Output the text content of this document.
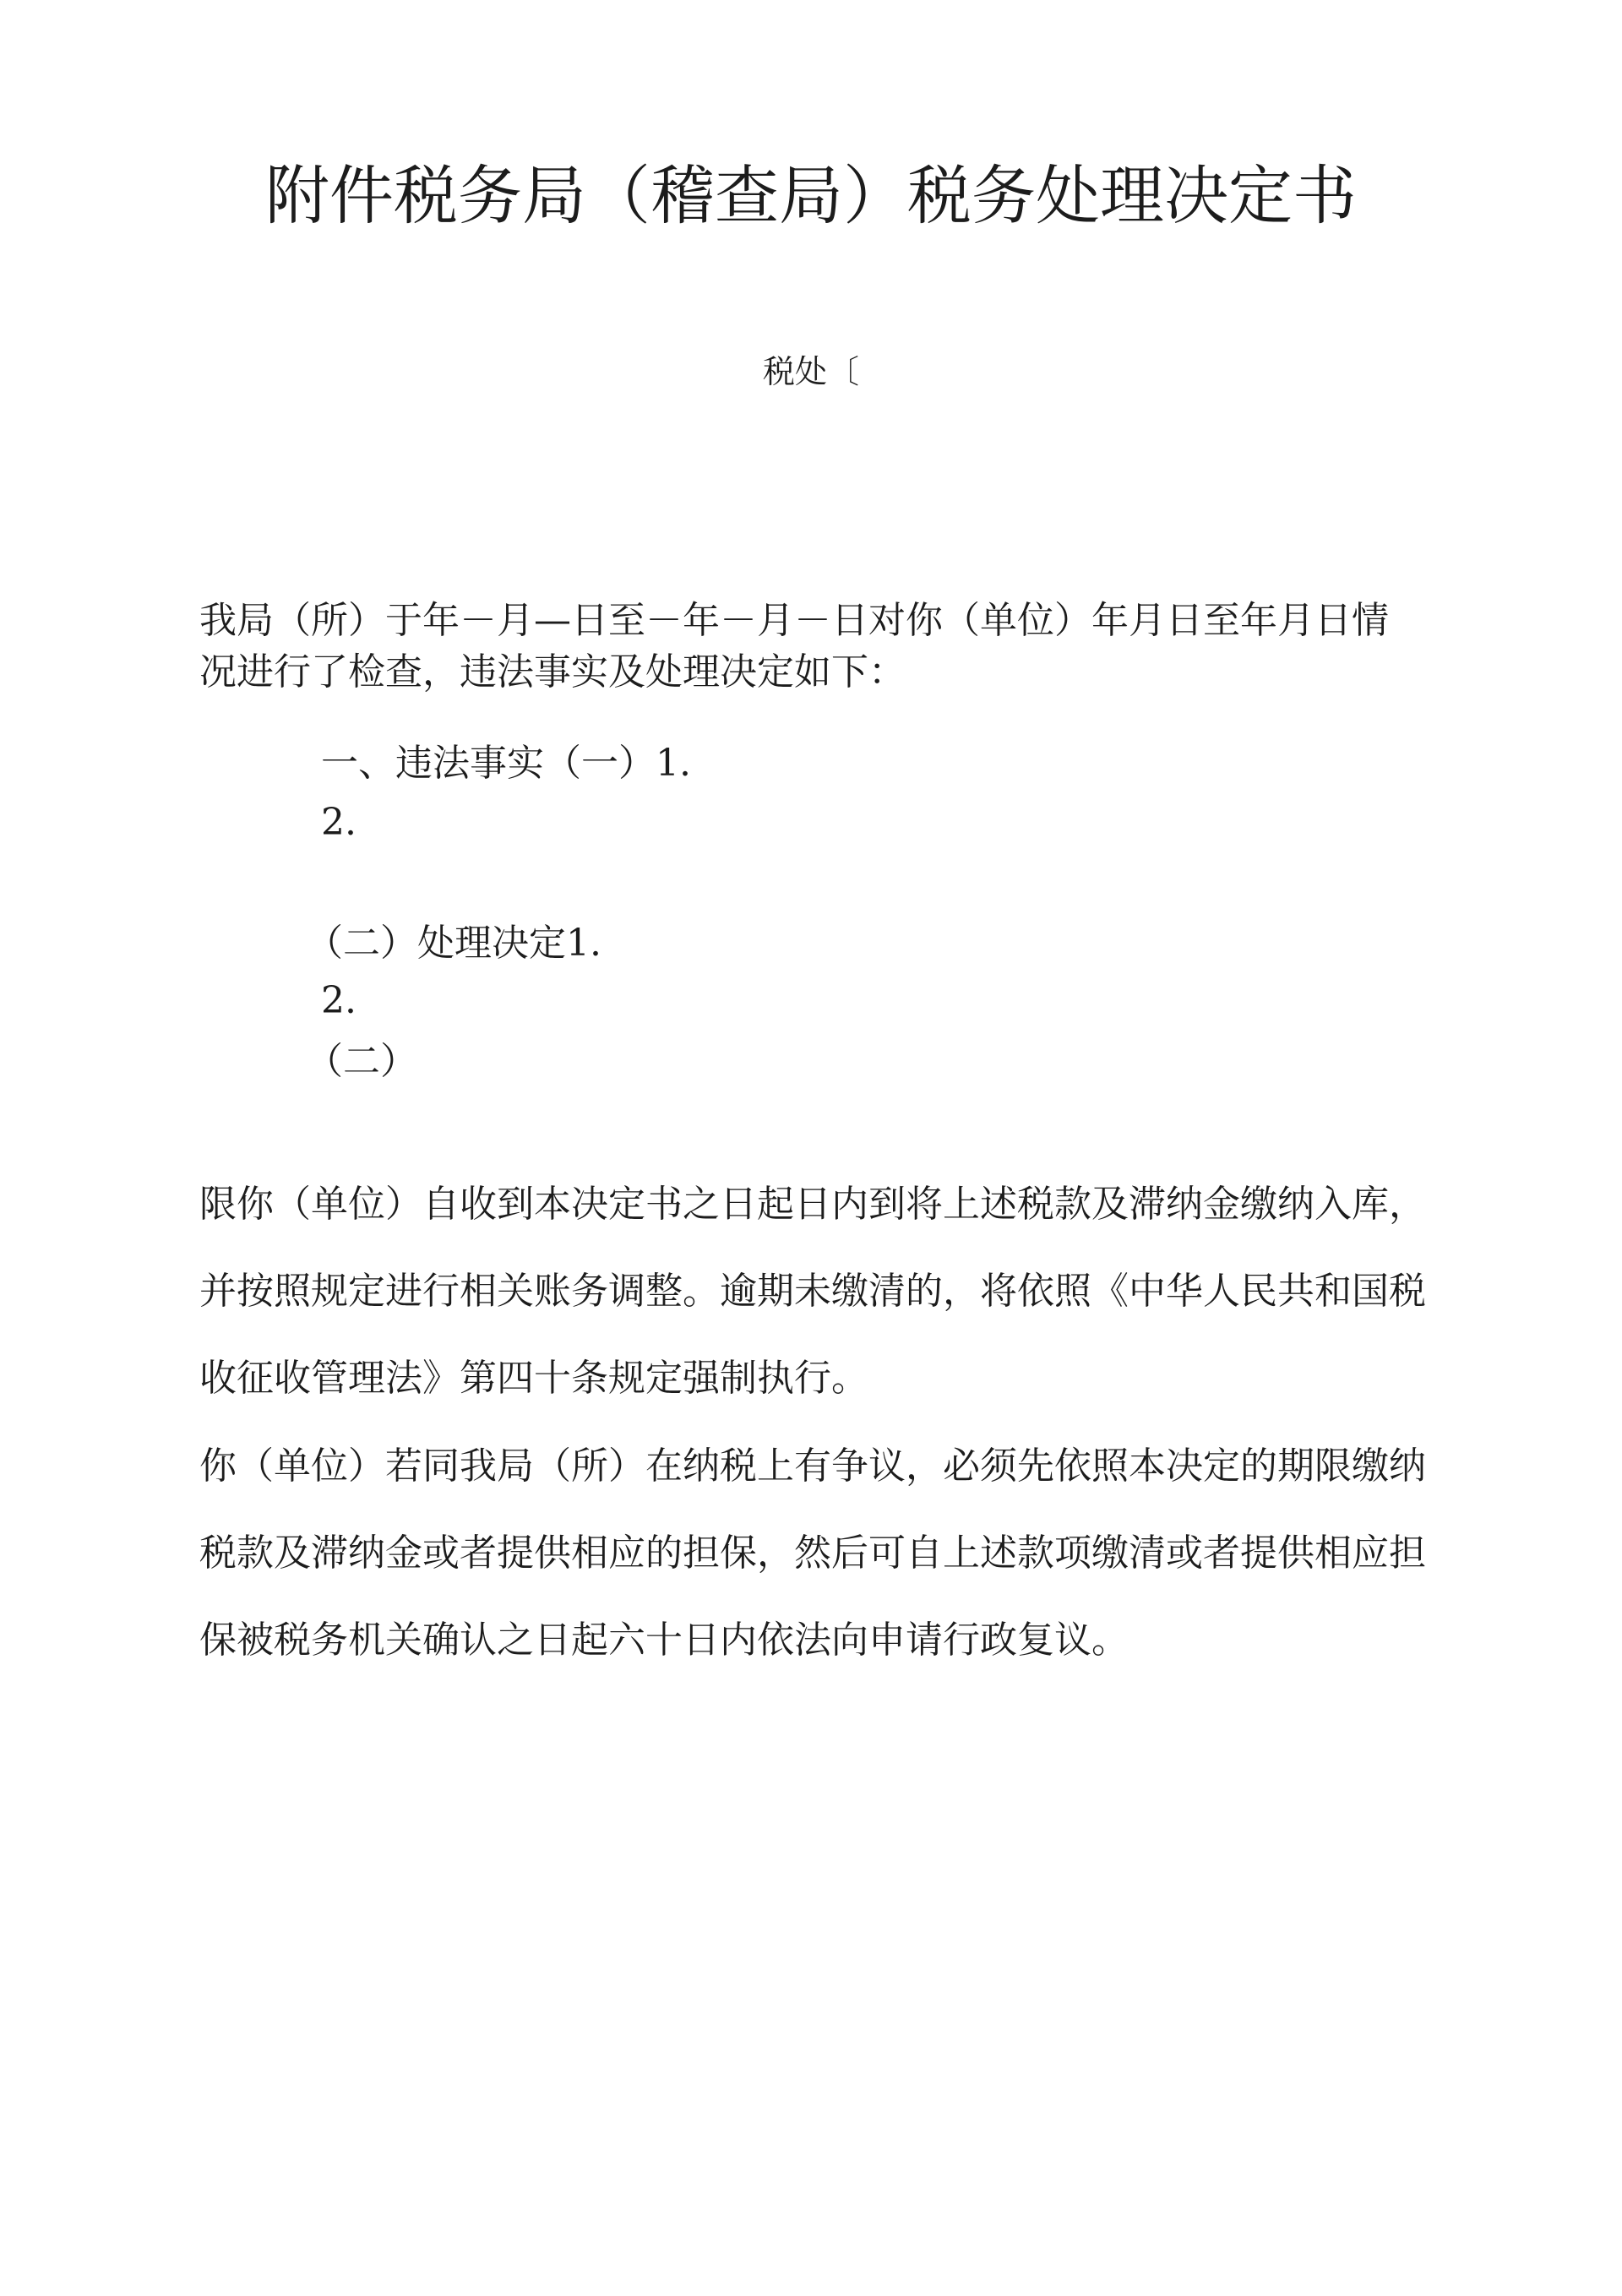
附件税务局（稽查局）税务处理决定书
税处〔
我局（所）于年－月—日至－年－月－日对你（单位）年月日至年月日情
况进行了检查，违法事实及处理决定如下：
一、违法事实（一）1.
2.
（二）处理决定1.
2.
（二）
限你（单位）自收到本决定书之日起日内到将上述税款及滞纳金缴纳入库，
并按照规定进行相关账务调整。逾期未缴清的，将依照《中华人民共和国税
收征收管理法》第四十条规定强制执行。
你（单位）若同我局（所）在纳税上有争议，必须先依照本决定的期限缴纳
税款及滞纳金或者提供相应的担保，然后可自上述款项缴清或者提供相应担
保被税务机关确认之日起六十日内依法向申请行政复议。
